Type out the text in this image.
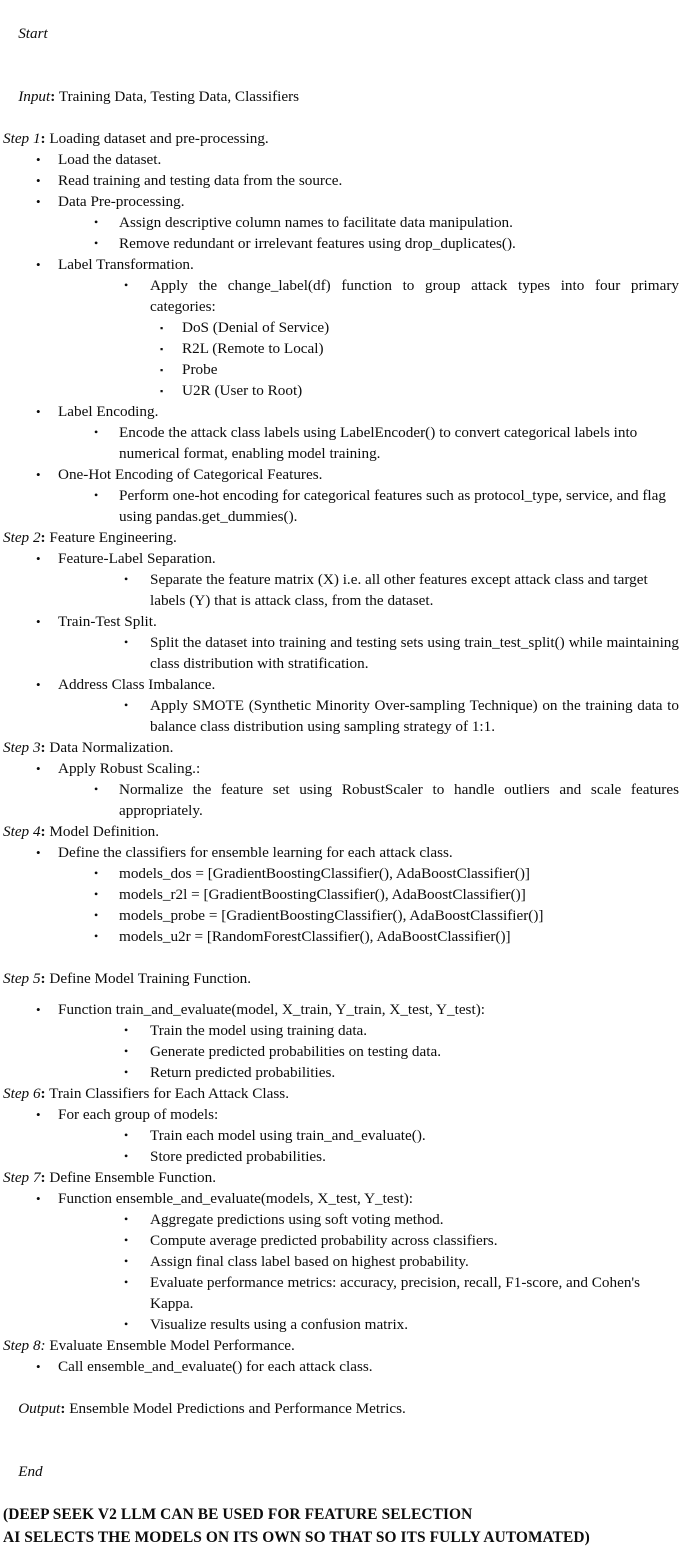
Start

Input: Training Data, Testing Data, Classifiers

Step 1: Loading dataset and pre-processing.
• Load the dataset.
• Read training and testing data from the source.
• Data Pre-processing.
• Assign descriptive column names to facilitate data manipulation.
• Remove redundant or irrelevant features using drop_duplicates().
• Label Transformation.
• Apply the change_label(df) function to group attack types into four primary categories:
▪ DoS (Denial of Service)
▪ R2L (Remote to Local)
▪ Probe
▪ U2R (User to Root)
• Label Encoding.
• Encode the attack class labels using LabelEncoder() to convert categorical labels into numerical format, enabling model training.
• One-Hot Encoding of Categorical Features.
• Perform one-hot encoding for categorical features such as protocol_type, service, and flag using pandas.get_dummies().
Step 2: Feature Engineering.
• Feature-Label Separation.
• Separate the feature matrix (X) i.e. all other features except attack class and target labels (Y) that is attack class, from the dataset.
• Train-Test Split.
• Split the dataset into training and testing sets using train_test_split() while maintaining class distribution with stratification.
• Address Class Imbalance.
• Apply SMOTE (Synthetic Minority Over-sampling Technique) on the training data to balance class distribution using sampling strategy of 1:1.
Step 3: Data Normalization.
• Apply Robust Scaling.:
• Normalize the feature set using RobustScaler to handle outliers and scale features appropriately.
Step 4: Model Definition.
• Define the classifiers for ensemble learning for each attack class.
• models_dos = [GradientBoostingClassifier(), AdaBoostClassifier()]
• models_r2l = [GradientBoostingClassifier(), AdaBoostClassifier()]
• models_probe = [GradientBoostingClassifier(), AdaBoostClassifier()]
• models_u2r = [RandomForestClassifier(), AdaBoostClassifier()]
Step 5: Define Model Training Function.
• Function train_and_evaluate(model, X_train, Y_train, X_test, Y_test):
• Train the model using training data.
• Generate predicted probabilities on testing data.
• Return predicted probabilities.
Step 6: Train Classifiers for Each Attack Class.
• For each group of models:
• Train each model using train_and_evaluate().
• Store predicted probabilities.
Step 7: Define Ensemble Function.
• Function ensemble_and_evaluate(models, X_test, Y_test):
• Aggregate predictions using soft voting method.
• Compute average predicted probability across classifiers.
• Assign final class label based on highest probability.
• Evaluate performance metrics: accuracy, precision, recall, F1-score, and Cohen's Kappa.
• Visualize results using a confusion matrix.
Step 8: Evaluate Ensemble Model Performance.
• Call ensemble_and_evaluate() for each attack class.

Output: Ensemble Model Predictions and Performance Metrics.

End

(DEEP SEEK V2 LLM CAN BE USED FOR FEATURE SELECTION
AI SELECTS THE MODELS ON ITS OWN SO THAT SO ITS FULLY AUTOMATED)
